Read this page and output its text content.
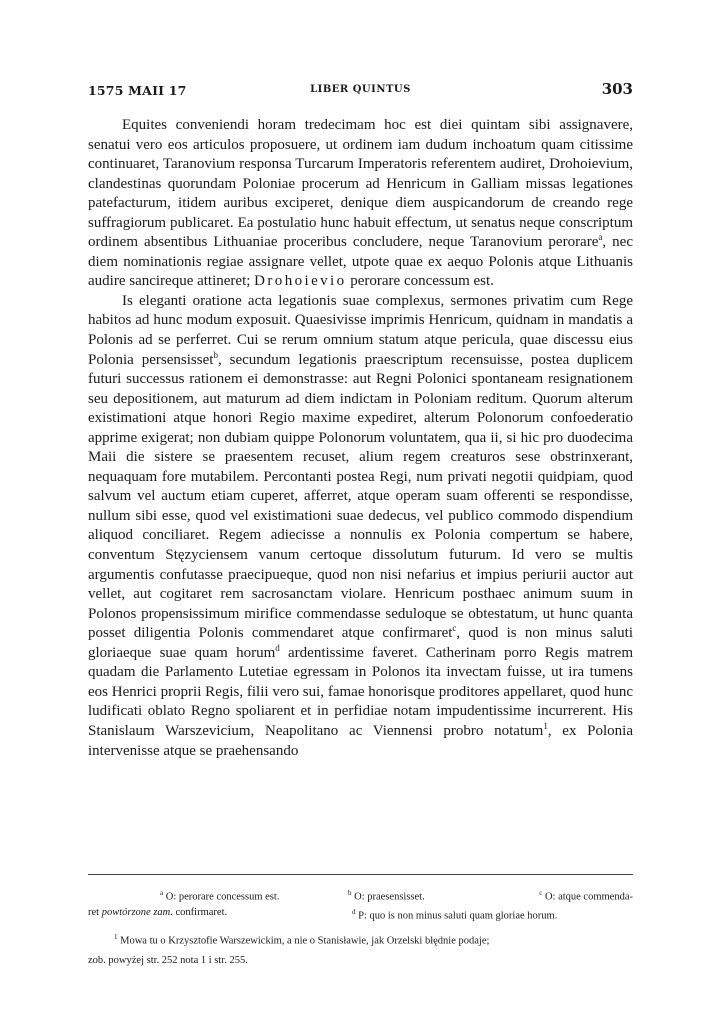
1575 MAII 17	LIBER QUINTUS	303

Equites conveniendi horam tredecimam hoc est diei quintam sibi assignavere, senatui vero eos articulos proposuere, ut ordinem iam dudum inchoatum quam citissime continuaret, Taranovium responsa Turcarum Imperatoris referentem audiret, Drohoievium, clandestinas quorundam Poloniae procerum ad Henricum in Galliam missas legationes patefacturum, itidem auribus exciperet, denique diem auspicandorum de creando rege suffragiorum publicaret. Ea postulatio hunc habuit effectum, ut senatus neque conscriptum ordinem absentibus Lithuaniae proceribus concludere, neque Taranovium perorare$^a$, nec diem nominationis regiae assignare vellet, utpote quae ex aequo Polonis atque Lithuanis audire sancireque attineret; Drohoievio perorare concessum est.

Is eleganti oratione acta legationis suae complexus, sermones privatim cum Rege habitos ad hunc modum exposuit. Quaesivisse imprimis Henricum, quidnam in mandatis a Polonis ad se perferret. Cui se rerum omnium statum atque pericula, quae discessu eius Polonia persensisset$^b$, secundum legationis praescriptum recensuisse, postea duplicem futuri successus rationem ei demonstrasse: aut Regni Polonici spontaneam resignationem seu depositionem, aut maturum ad diem indictam in Poloniam reditum. Quorum alterum existimationi atque honori Regio maxime expediret, alterum Polonorum confoederatio apprime exigerat; non dubiam quippe Polonorum voluntatem, qua ii, si hic pro duodecima Maii die sistere se praesentem recuset, alium regem creaturos sese obstrinxerant, nequaquam fore mutabilem. Percontanti postea Regi, num privati negotii quidpiam, quod salvum vel auctum etiam cuperet, afferret, atque operam suam offerenti se respondisse, nullum sibi esse, quod vel existimationi suae dedecus, vel publico commodo dispendium aliquod conciliaret. Regem adiecisse a nonnulis ex Polonia compertum se habere, conventum Stęzyciensem vanum certoque dissolutum futurum. Id vero se multis argumentis confutasse praecipueque, quod non nisi nefarius et impius periurii auctor aut vellet, aut cogitaret rem sacrosanctam violare. Henricum posthaec animum suum in Polonos propensissimum mirifice commendasse seduloque se obtestatum, ut hunc quanta posset diligentia Polonis commendaret atque confirmaret$^c$, quod is non minus saluti gloriaeque suae quam horum$^d$ ardentissime faveret. Catherinam porro Regis matrem quadam die Parlamento Lutetiae egressam in Polonos ita invectam fuisse, ut ira tumens eos Henrici proprii Regis, filii vero sui, famae honorisque proditores appellaret, quod hunc ludificati oblato Regno spoliarent et in perfidiae notam impudentissime incurrerent. His Stanislaum Warszevicium, Neapolitano ac Viennensi probro notatum$^1$, ex Polonia intervenisse atque se praehensando

$^a$ O: perorare concessum est.	$^b$ O: praesensisset.	$^c$ O: atque commenda-
ret powtórzone zam. confirmaret.	$^d$ P: quo is non minus saluti quam gloriae horum.

$^1$ Mowa tu o Krzysztofie Warszewickim, a nie o Stanisławie, jak Orzelski błędnie podaje;

zob. powyżej str. 252 nota 1 i str. 255.
